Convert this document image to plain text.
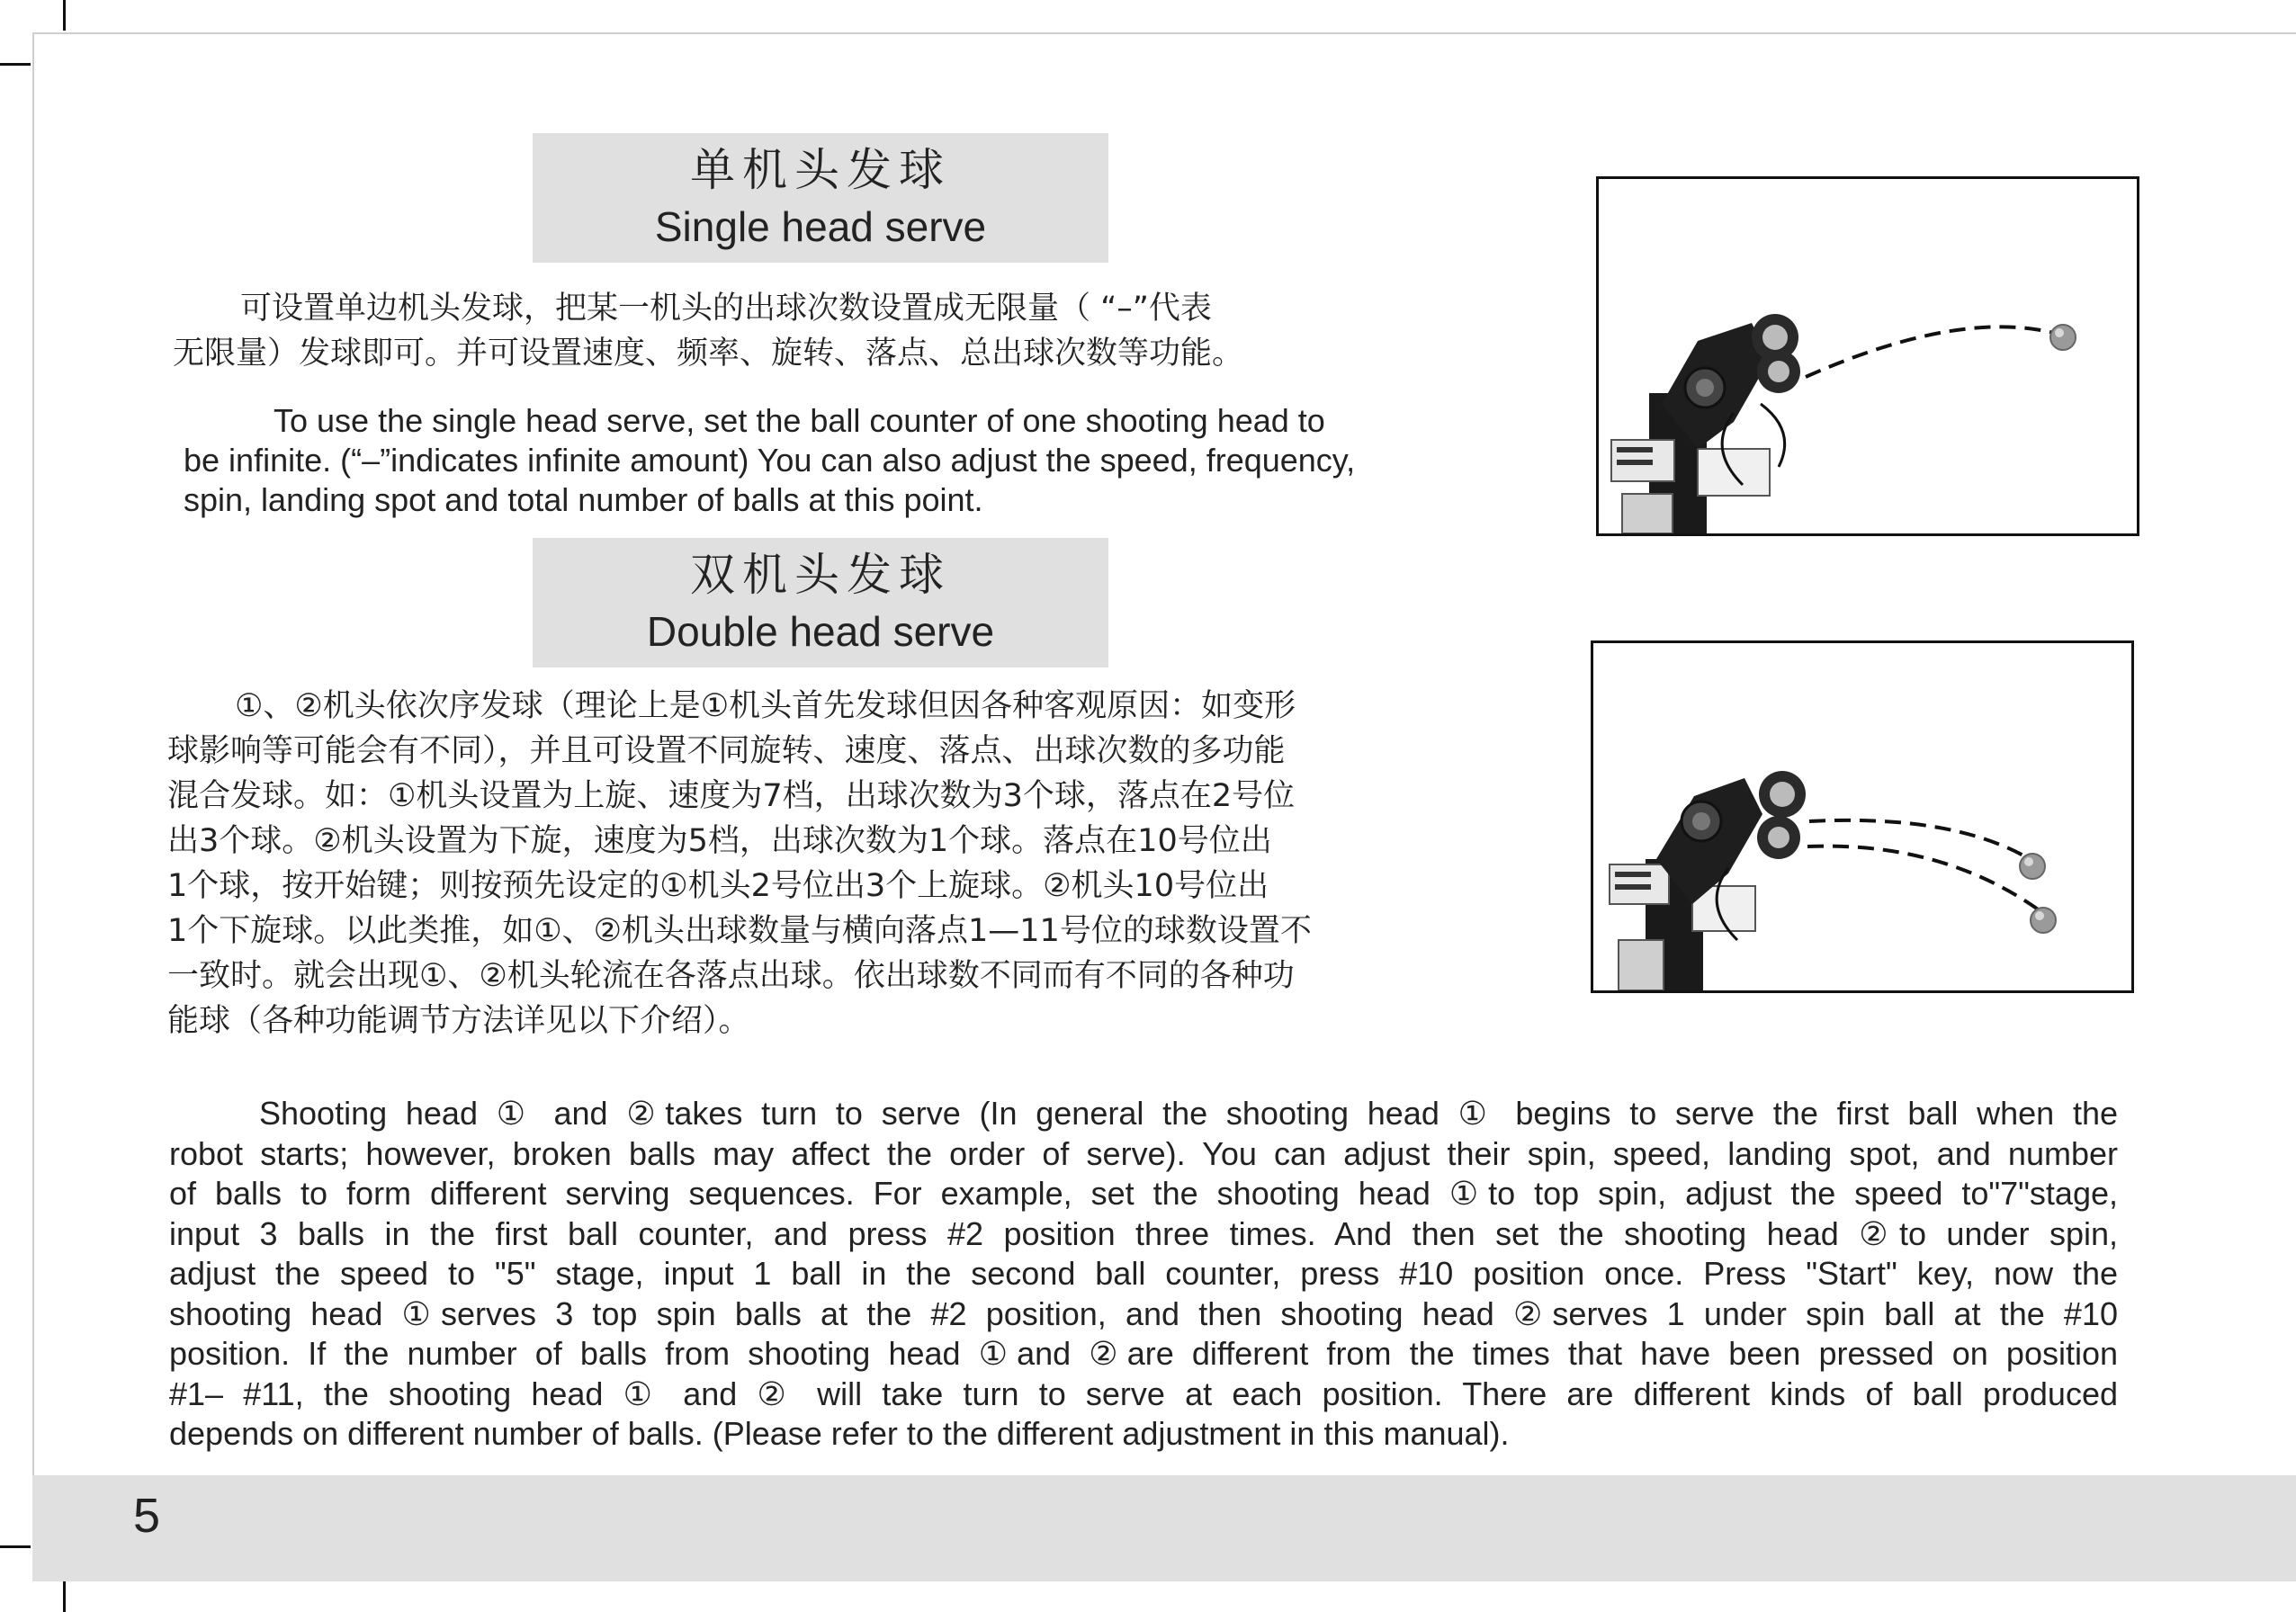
单机头发球
Single head serve
　可设置单边机头发球，把某一机头的出球次数设置成无限量（ “–”代表
无限量）发球即可。并可设置速度、频率、旋转、落点、总出球次数等功能。
To use the single head serve, set the ball counter of one shooting head to
be infinite. (“–”indicates infinite amount) You can also adjust the speed, frequency,
spin, landing spot and total number of balls at this point.
双机头发球
Double head serve
　①、②机头依次序发球（理论上是①机头首先发球但因各种客观原因：如变形
球影响等可能会有不同），并且可设置不同旋转、速度、落点、出球次数的多功能
混合发球。如：①机头设置为上旋、速度为7档，出球次数为3个球，落点在2号位
出3个球。②机头设置为下旋，速度为5档，出球次数为1个球。落点在10号位出
1个球，按开始键；则按预先设定的①机头2号位出3个上旋球。②机头10号位出
1个下旋球。以此类推，如①、②机头出球数量与横向落点1—11号位的球数设置不
一致时。就会出现①、②机头轮流在各落点出球。依出球数不同而有不同的各种功
能球（各种功能调节方法详见以下介绍）。
Shooting head ① and ②takes turn to serve (In general the shooting head ① begins to serve the first ball when the
robot starts; however, broken balls may affect the order of serve). You can adjust their spin, speed, landing spot, and number
of balls to form different serving sequences. For example, set the shooting head ①to top spin, adjust the speed to"7"stage,
input 3 balls in the first ball counter, and press #2 position three times. And then set the shooting head ②to under spin,
adjust the speed to "5" stage, input 1 ball in the second ball counter, press #10 position once. Press "Start" key, now the
shooting head ①serves 3 top spin balls at the #2 position, and then shooting head ②serves 1 under spin ball at the #10
position. If the number of balls from shooting head ①and ②are different from the times that have been pressed on position
#1– #11, the shooting head ① and ② will take turn to serve at each position. There are different kinds of ball produced
depends on different number of balls. (Please refer to the different adjustment in this manual).
5
